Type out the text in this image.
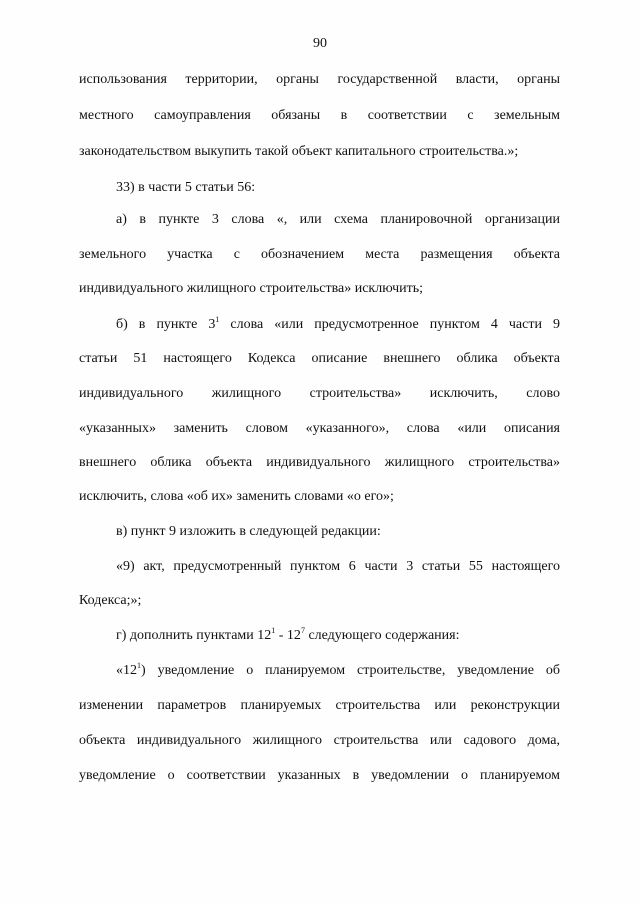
90
использования территории, органы государственной власти, органы
местного самоуправления обязаны в соответствии с земельным
законодательством выкупить такой объект капитального строительства.»;
33) в части 5 статьи 56:
а) в пункте 3 слова «, или схема планировочной организации
земельного участка с обозначением места размещения объекта
индивидуального жилищного строительства» исключить;
б) в пункте $3^1$ слова «или предусмотренное пунктом 4 части 9
статьи 51 настоящего Кодекса описание внешнего облика объекта
индивидуального жилищного строительства» исключить, слово
«указанных» заменить словом «указанного», слова «или описания
внешнего облика объекта индивидуального жилищного строительства»
исключить, слова «об их» заменить словами «о его»;
в) пункт 9 изложить в следующей редакции:
«9) акт, предусмотренный пунктом 6 части 3 статьи 55 настоящего
Кодекса;»;
г) дополнить пунктами $12^1 - 12^7$ следующего содержания:
«$12^1$) уведомление о планируемом строительстве, уведомление об
изменении параметров планируемых строительства или реконструкции
объекта индивидуального жилищного строительства или садового дома,
уведомление о соответствии указанных в уведомлении о планируемом
